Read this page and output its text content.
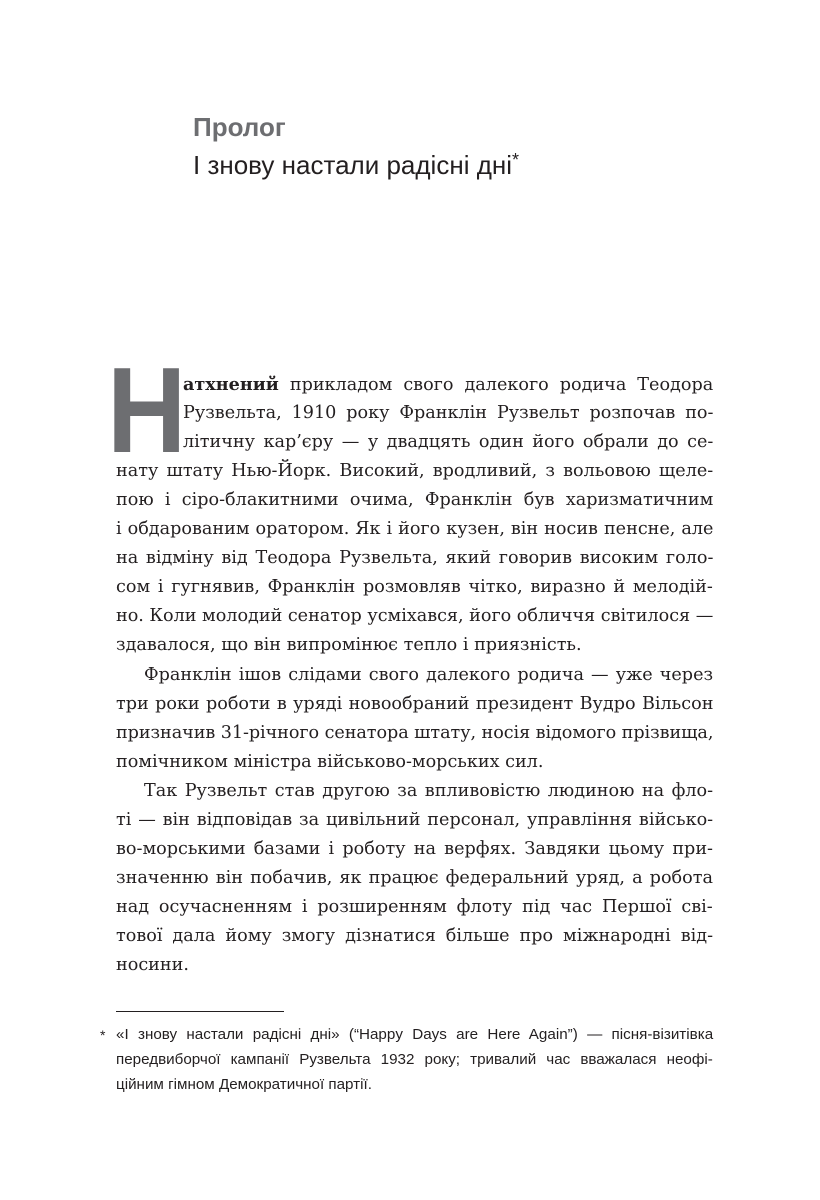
Пролог
І знову настали радісні дні*
Н
атхнений прикладом свого далекого родича Теодора
Рузвельта, 1910 року Франклін Рузвельт розпочав по-
літичну кар’єру — у двадцять один його обрали до се-
нату штату Нью-Йорк. Високий, вродливий, з вольовою щеле-
пою і сіро-блакитними очима, Франклін був харизматичним
і обдарованим оратором. Як і його кузен, він носив пенсне, але
на відміну від Теодора Рузвельта, який говорив високим голо-
сом і гугнявив, Франклін розмовляв чітко, виразно й мелодій-
но. Коли молодий сенатор усміхався, його обличчя світилося —
здавалося, що він випромінює тепло і приязність.
Франклін ішов слідами свого далекого родича — уже через
три роки роботи в уряді новообраний президент Вудро Вільсон
призначив 31-річного сенатора штату, носія відомого прізвища,
помічником міністра військово-морських сил.
Так Рузвельт став другою за впливовістю людиною на фло-
ті — він відповідав за цивільний персонал, управління військо-
во-морськими базами і роботу на верфях. Завдяки цьому при-
значенню він побачив, як працює федеральний уряд, а робота
над осучасненням і розширенням флоту під час Першої сві-
тової дала йому змогу дізнатися більше про міжнародні від-
носини.
* «І знову настали радісні дні» (“Happy Days are Here Again”) — пісня-візитівка
передвиборчої кампанії Рузвельта 1932 року; тривалий час вважалася неофі-
ційним гімном Демократичної партії.
